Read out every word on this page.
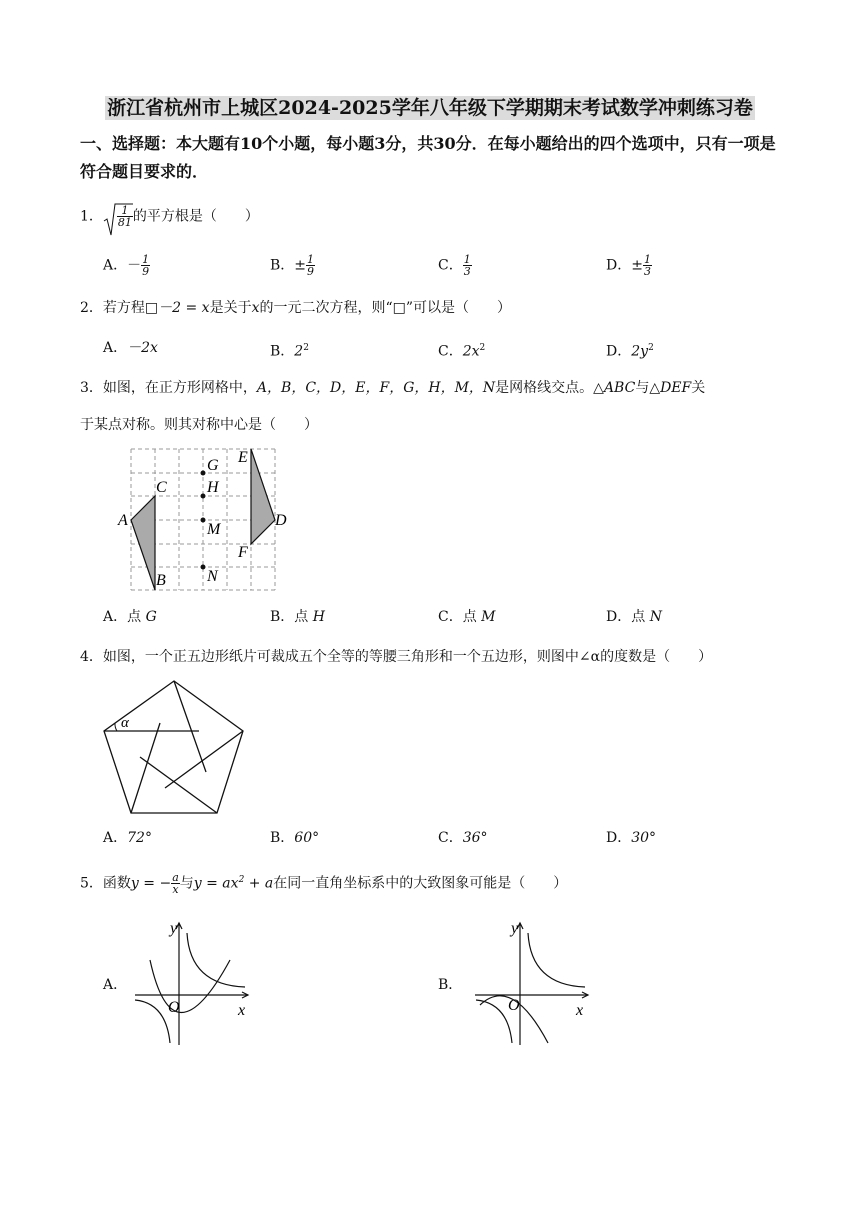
浙江省杭州市上城区2024-2025学年八年级下学期期末考试数学冲刺练习卷
一、选择题：本大题有10个小题，每小题3分，共30分．在每小题给出的四个选项中，只有一项是符合题目要求的．
1． $\frac{1}{81}$ 的平方根是（　　）
A．－ $\frac{1}{9}$	B．± $\frac{1}{9}$	C． $\frac{1}{3}$	D．± $\frac{1}{3}$
2．若方程□－2 = x是关于x的一元二次方程，则“□”可以是（　　）
A．－2x	B．$2^2$	C．$2x^2$	D．$2y^2$
3．如图，在正方形网格中，A，B，C，D，E，F，G，H，M，N是网格线交点。△ABC与△DEF关
于某点对称。则其对称中心是（　　）
A
B
C
D
E
F
G
H
M
N
A．点 G	B．点 H	C．点 M	D．点 N
4．如图，一个正五边形纸片可裁成五个全等的等腰三角形和一个五边形，则图中∠α的度数是（　　）
α
A．72°	B．60°	C．36°	D．30°
5．函数y = − $\frac{a}{x}$ 与$y = ax^2 + a$在同一直角坐标系中的大致图象可能是（　　）
A．
y
x
O
B．
y
x
O
